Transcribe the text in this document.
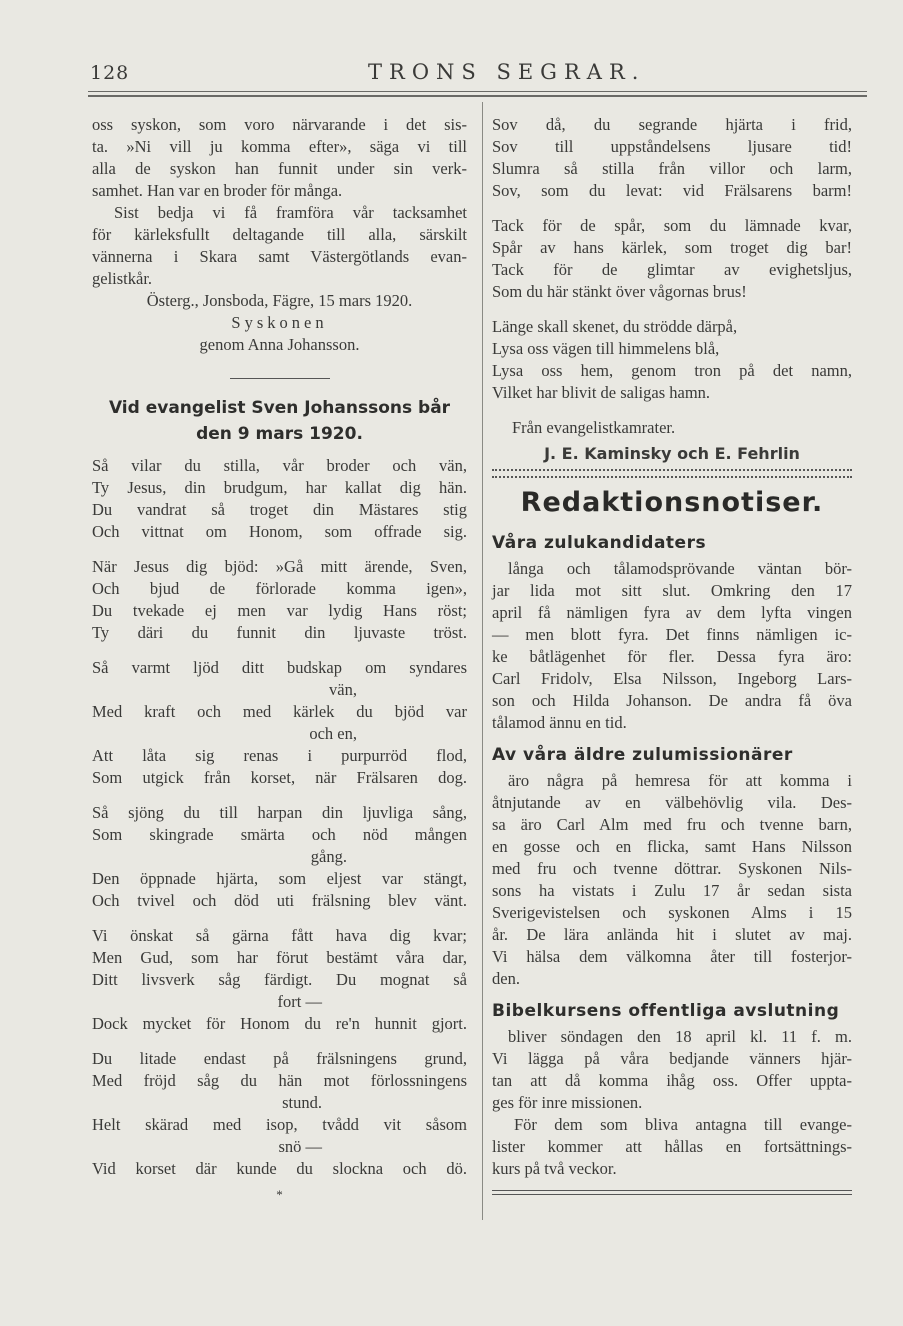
128	TRONS SEGRAR.

oss syskon, som voro närvarande i det sis-

ta. »Ni vill ju komma efter», säga vi till

alla de syskon han funnit under sin verk-

samhet. Han var en broder för många.

Sist bedja vi få framföra vår tacksamhet

för kärleksfullt deltagande till alla, särskilt

vännerna i Skara samt Västergötlands evan-

gelistkår.

Österg., Jonsboda, Fägre, 15 mars 1920.

Syskonen

genom Anna Johansson.

Vid evangelist Sven Johanssons bår

den 9 mars 1920.

Så vilar du stilla, vår broder och vän,
Ty Jesus, din brudgum, har kallat dig hän.
Du vandrat så troget din Mästares stig
Och vittnat om Honom, som offrade sig.
När Jesus dig bjöd: »Gå mitt ärende, Sven,
Och bjud de förlorade komma igen»,
Du tvekade ej men var lydig Hans röst;
Ty däri du funnit din ljuvaste tröst.
Så varmt ljöd ditt budskap om syndares
vän,
Med kraft och med kärlek du bjöd var
och en,
Att låta sig renas i purpurröd flod,
Som utgick från korset, när Frälsaren dog.
Så sjöng du till harpan din ljuvliga sång,
Som skingrade smärta och nöd mången
gång.
Den öppnade hjärta, som eljest var stängt,
Och tvivel och död uti frälsning blev vänt.
Vi önskat så gärna fått hava dig kvar;
Men Gud, som har förut bestämt våra dar,
Ditt livsverk såg färdigt. Du mognat så
fort —
Dock mycket för Honom du re'n hunnit gjort.
Du litade endast på frälsningens grund,
Med fröjd såg du hän mot förlossningens
stund.
Helt skärad med isop, tvådd vit såsom
snö —
Vid korset där kunde du slockna och dö.

*

Sov då, du segrande hjärta i frid,
Sov till uppståndelsens ljusare tid!
Slumra så stilla från villor och larm,
Sov, som du levat: vid Frälsarens barm!
Tack för de spår, som du lämnade kvar,
Spår av hans kärlek, som troget dig bar!
Tack för de glimtar av evighetsljus,
Som du här stänkt över vågornas brus!
Länge skall skenet, du strödde därpå,
Lysa oss vägen till himmelens blå,
Lysa oss hem, genom tron på det namn,
Vilket har blivit de saligas hamn.

Från evangelistkamrater.

J. E. Kaminsky och E. Fehrlin

Redaktionsnotiser.

Våra zulukandidaters

långa och tålamodsprövande väntan bör-

jar lida mot sitt slut. Omkring den 17

april få nämligen fyra av dem lyfta vingen

— men blott fyra. Det finns nämligen ic-

ke båtlägenhet för fler. Dessa fyra äro:

Carl Fridolv, Elsa Nilsson, Ingeborg Lars-

son och Hilda Johanson. De andra få öva

tålamod ännu en tid.

Av våra äldre zulumissionärer

äro några på hemresa för att komma i

åtnjutande av en välbehövlig vila. Des-

sa äro Carl Alm med fru och tvenne barn,

en gosse och en flicka, samt Hans Nilsson

med fru och tvenne döttrar. Syskonen Nils-

sons ha vistats i Zulu 17 år sedan sista

Sverigevistelsen och syskonen Alms i 15

år. De lära anlända hit i slutet av maj.

Vi hälsa dem välkomna åter till fosterjor-

den.

Bibelkursens offentliga avslutning

bliver söndagen den 18 april kl. 11 f. m.

Vi lägga på våra bedjande vänners hjär-

tan att då komma ihåg oss. Offer uppta-

ges för inre missionen.

För dem som bliva antagna till evange-

lister kommer att hållas en fortsättnings-

kurs på två veckor.
